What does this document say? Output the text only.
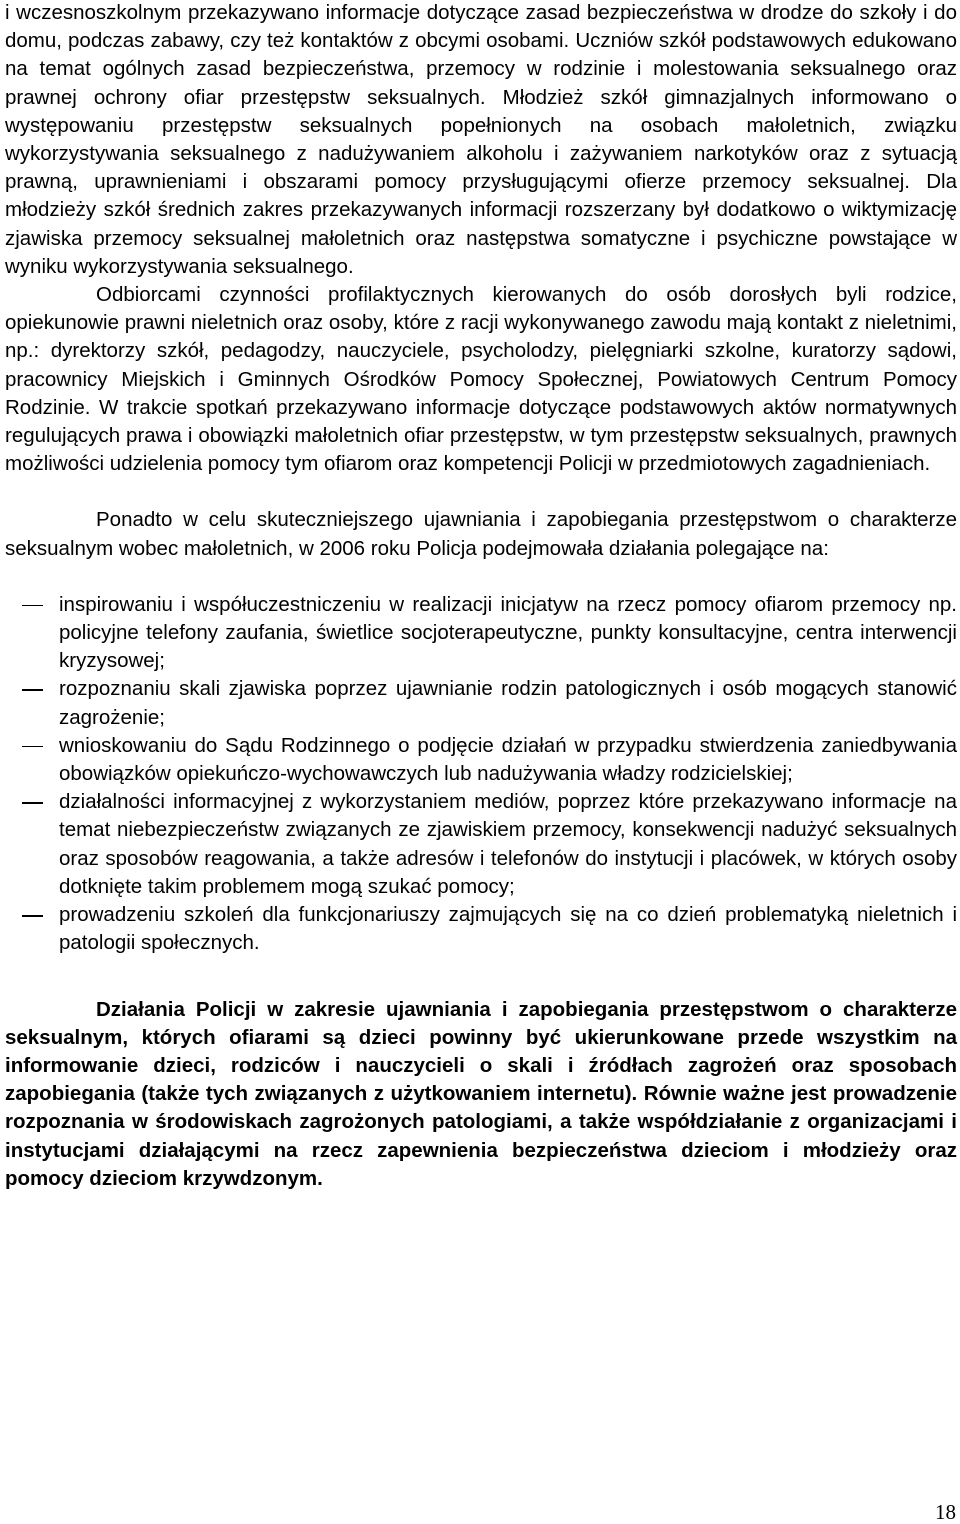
i wczesnoszkolnym przekazywano informacje dotyczące zasad bezpieczeństwa w drodze do szkoły i do domu, podczas zabawy, czy też kontaktów z obcymi osobami. Uczniów szkół podstawowych edukowano na temat ogólnych zasad bezpieczeństwa, przemocy w rodzinie i molestowania seksualnego oraz prawnej ochrony ofiar przestępstw seksualnych. Młodzież szkół gimnazjalnych informowano o występowaniu przestępstw seksualnych popełnionych na osobach małoletnich, związku wykorzystywania seksualnego z nadużywaniem alkoholu i zażywaniem narkotyków oraz z sytuacją prawną, uprawnieniami i obszarami pomocy przysługującymi ofierze przemocy seksualnej. Dla młodzieży szkół średnich zakres przekazywanych informacji rozszerzany był dodatkowo o wiktymizację zjawiska przemocy seksualnej małoletnich oraz następstwa somatyczne i psychiczne powstające w wyniku wykorzystywania seksualnego.

Odbiorcami czynności profilaktycznych kierowanych do osób dorosłych byli rodzice, opiekunowie prawni nieletnich oraz osoby, które z racji wykonywanego zawodu mają kontakt z nieletnimi, np.: dyrektorzy szkół, pedagodzy, nauczyciele, psycholodzy, pielęgniarki szkolne, kuratorzy sądowi, pracownicy Miejskich i Gminnych Ośrodków Pomocy Społecznej, Powiatowych Centrum Pomocy Rodzinie. W trakcie spotkań przekazywano informacje dotyczące podstawowych aktów normatywnych regulujących prawa i obowiązki małoletnich ofiar przestępstw, w tym przestępstw seksualnych, prawnych możliwości udzielenia pomocy tym ofiarom oraz kompetencji Policji w przedmiotowych zagadnieniach.

Ponadto w celu skuteczniejszego ujawniania i zapobiegania przestępstwom o charakterze seksualnym wobec małoletnich, w 2006 roku Policja podejmowała działania polegające na:

inspirowaniu i współuczestniczeniu w realizacji inicjatyw na rzecz pomocy ofiarom przemocy np. policyjne telefony zaufania, świetlice socjoterapeutyczne, punkty konsultacyjne, centra interwencji kryzysowej;
rozpoznaniu skali zjawiska poprzez ujawnianie rodzin patologicznych i osób mogących stanowić zagrożenie;
wnioskowaniu do Sądu Rodzinnego o podjęcie działań w przypadku stwierdzenia zaniedbywania obowiązków opiekuńczo-wychowawczych lub nadużywania władzy rodzicielskiej;
działalności informacyjnej z wykorzystaniem mediów, poprzez które przekazywano informacje na temat niebezpieczeństw związanych ze zjawiskiem przemocy, konsekwencji nadużyć seksualnych oraz sposobów reagowania, a także adresów i telefonów do instytucji i placówek, w których osoby dotknięte takim problemem mogą szukać pomocy;
prowadzeniu szkoleń dla funkcjonariuszy zajmujących się na co dzień problematyką nieletnich i patologii społecznych.

Działania Policji w zakresie ujawniania i zapobiegania przestępstwom o charakterze seksualnym, których ofiarami są dzieci powinny być ukierunkowane przede wszystkim na informowanie dzieci, rodziców i nauczycieli o skali i źródłach zagrożeń oraz sposobach zapobiegania (także tych związanych z użytkowaniem internetu). Równie ważne jest prowadzenie rozpoznania w środowiskach zagrożonych patologiami, a także współdziałanie z organizacjami i instytucjami działającymi na rzecz zapewnienia bezpieczeństwa dzieciom i młodzieży oraz pomocy dzieciom krzywdzonym.

18
